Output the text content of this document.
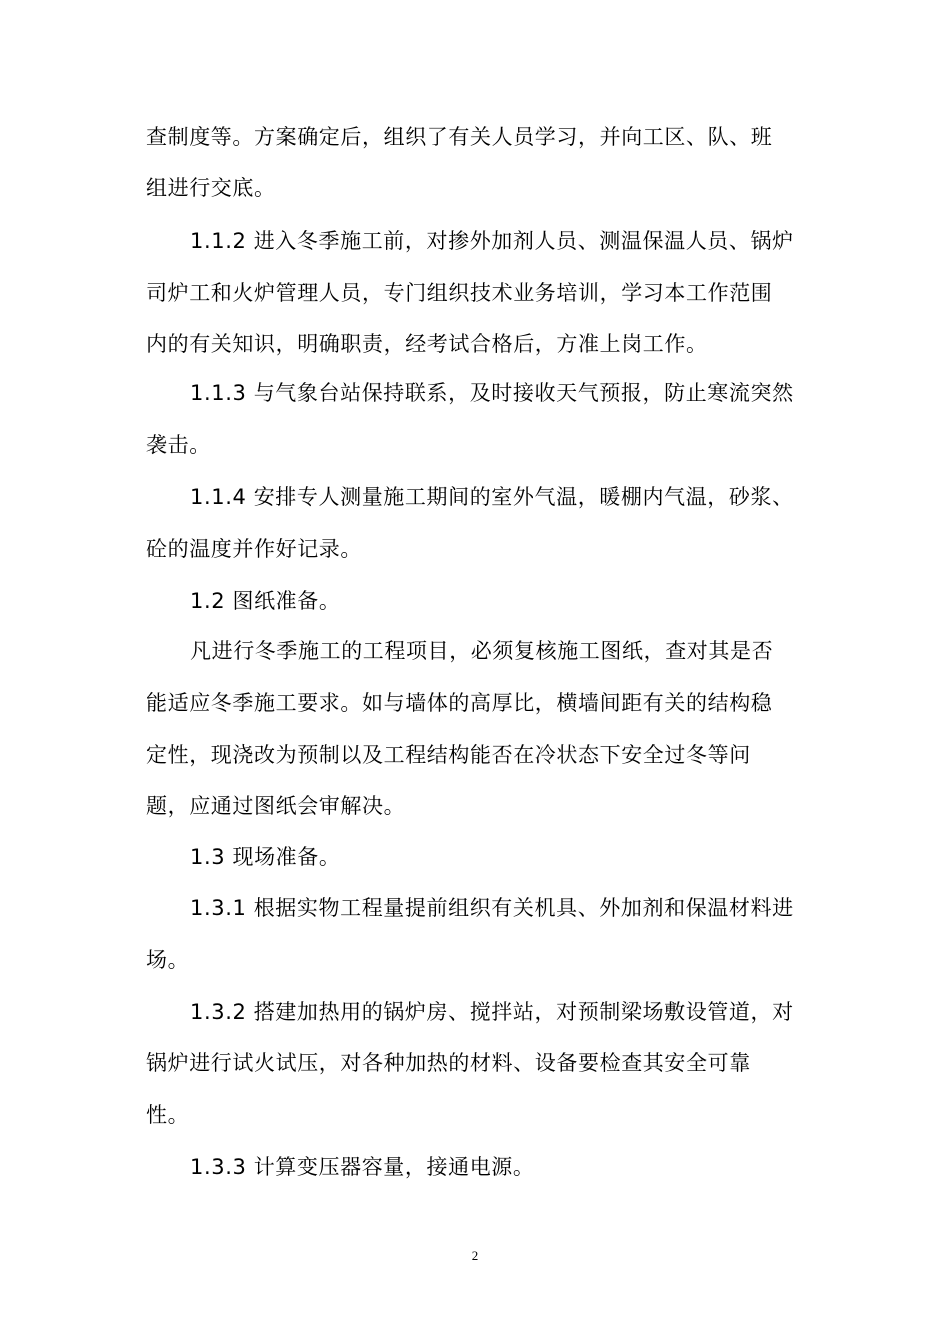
查制度等。方案确定后，组织了有关人员学习，并向工区、队、班
组进行交底。
1.1.2 进入冬季施工前，对掺外加剂人员、测温保温人员、锅炉
司炉工和火炉管理人员，专门组织技术业务培训，学习本工作范围
内的有关知识，明确职责，经考试合格后，方准上岗工作。
1.1.3 与气象台站保持联系，及时接收天气预报，防止寒流突然
袭击。
1.1.4 安排专人测量施工期间的室外气温，暖棚内气温，砂浆、
砼的温度并作好记录。
1.2 图纸准备。
凡进行冬季施工的工程项目，必须复核施工图纸，查对其是否
能适应冬季施工要求。如与墙体的高厚比，横墙间距有关的结构稳
定性，现浇改为预制以及工程结构能否在冷状态下安全过冬等问
题，应通过图纸会审解决。
1.3 现场准备。
1.3.1 根据实物工程量提前组织有关机具、外加剂和保温材料进
场。
1.3.2 搭建加热用的锅炉房、搅拌站，对预制梁场敷设管道，对
锅炉进行试火试压，对各种加热的材料、设备要检查其安全可靠
性。
1.3.3 计算变压器容量，接通电源。
2
